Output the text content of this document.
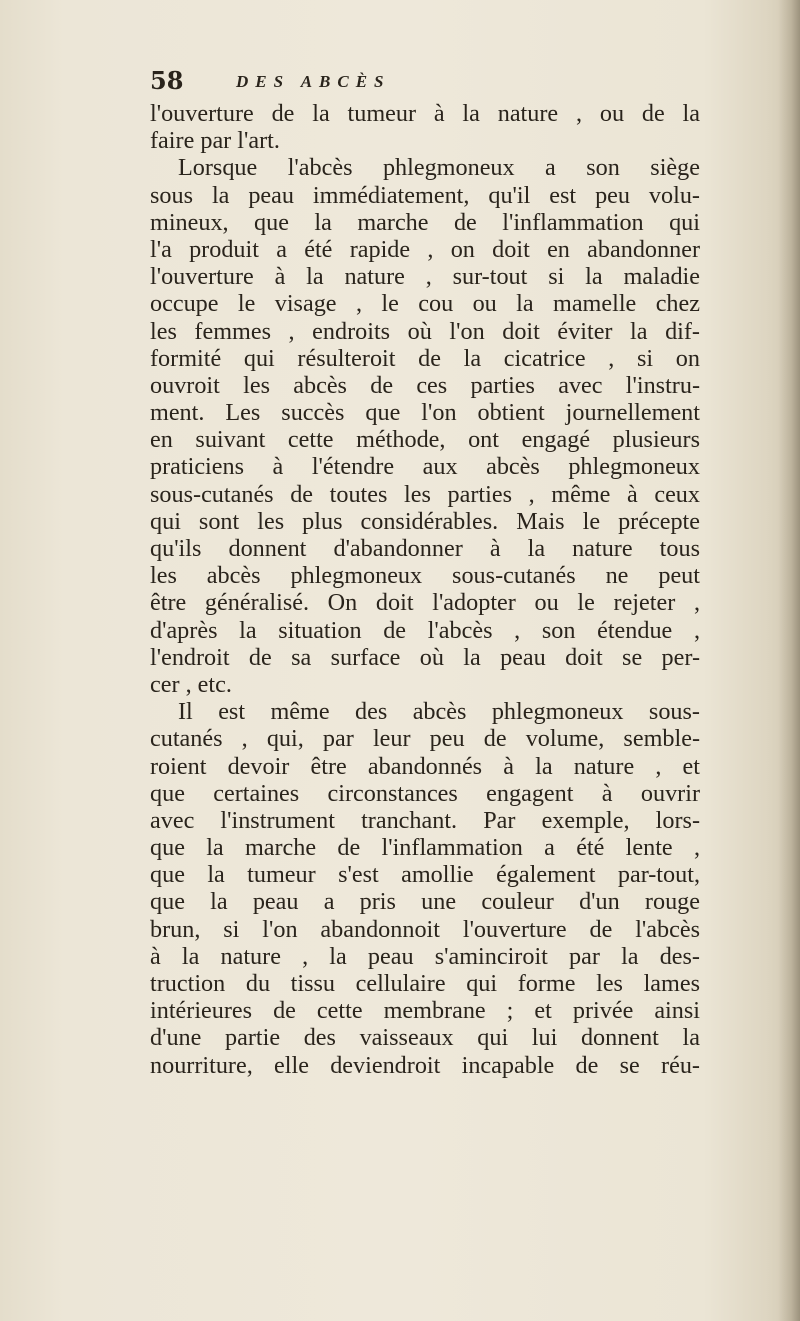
58	DES ABCÈS
l'ouverture de la tumeur à la nature , ou de la
faire par l'art.
Lorsque l'abcès phlegmoneux a son siège
sous la peau immédiatement, qu'il est peu volu-
mineux, que la marche de l'inflammation qui
l'a produit a été rapide , on doit en abandonner
l'ouverture à la nature , sur-tout si la maladie
occupe le visage , le cou ou la mamelle chez
les femmes , endroits où l'on doit éviter la dif-
formité qui résulteroit de la cicatrice , si on
ouvroit les abcès de ces parties avec l'instru-
ment. Les succès que l'on obtient journellement
en suivant cette méthode, ont engagé plusieurs
praticiens à l'étendre aux abcès phlegmoneux
sous-cutanés de toutes les parties , même à ceux
qui sont les plus considérables. Mais le précepte
qu'ils donnent d'abandonner à la nature tous
les abcès phlegmoneux sous-cutanés ne peut
être généralisé. On doit l'adopter ou le rejeter ,
d'après la situation de l'abcès , son étendue ,
l'endroit de sa surface où la peau doit se per-
cer , etc.
Il est même des abcès phlegmoneux sous-
cutanés , qui, par leur peu de volume, semble-
roient devoir être abandonnés à la nature , et
que certaines circonstances engagent à ouvrir
avec l'instrument tranchant. Par exemple, lors-
que la marche de l'inflammation a été lente ,
que la tumeur s'est amollie également par-tout,
que la peau a pris une couleur d'un rouge
brun, si l'on abandonnoit l'ouverture de l'abcès
à la nature , la peau s'aminciroit par la des-
truction du tissu cellulaire qui forme les lames
intérieures de cette membrane ; et privée ainsi
d'une partie des vaisseaux qui lui donnent la
nourriture, elle deviendroit incapable de se réu-
